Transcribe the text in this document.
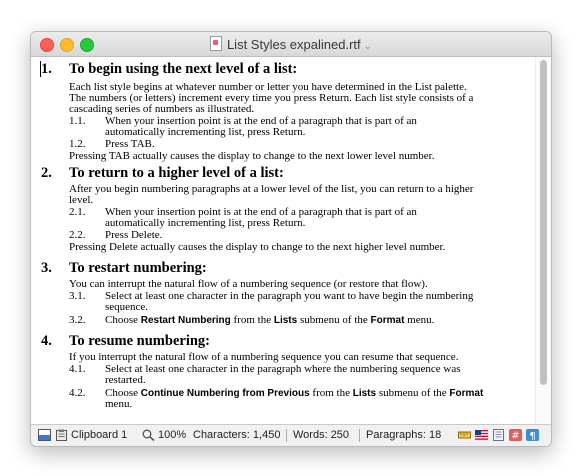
List Styles expalined.rtf ⌄
1. To begin using the next level of a list:
Each list style begins at whatever number or letter you have determined in the List palette.
The numbers (or letters) increment every time you press Return. Each list style consists of a
cascading series of numbers as illustrated.
1.1. When your insertion point is at the end of a paragraph that is part of an
automatically incrementing list, press Return.
1.2. Press TAB.
Pressing TAB actually causes the display to change to the next lower level number.
2. To return to a higher level of a list:
After you begin numbering paragraphs at a lower level of the list, you can return to a higher
level.
2.1. When your insertion point is at the end of a paragraph that is part of an
automatically incrementing list, press Return.
2.2. Press Delete.
Pressing Delete actually causes the display to change to the next higher level number.
3. To restart numbering:
You can interrupt the natural flow of a numbering sequence (or restore that flow).
3.1. Select at least one character in the paragraph you want to have begin the numbering
sequence.
3.2. Choose Restart Numbering from the Lists submenu of the Format menu.
4. To resume numbering:
If you interrupt the natural flow of a numbering sequence you can resume that sequence.
4.1. Select at least one character in the paragraph where the numbering sequence was
restarted.
4.2. Choose Continue Numbering from Previous from the Lists submenu of the Format
menu.
Clipboard 1	100% Characters: 1,450 Words: 250 Paragraphs: 18	# ¶
